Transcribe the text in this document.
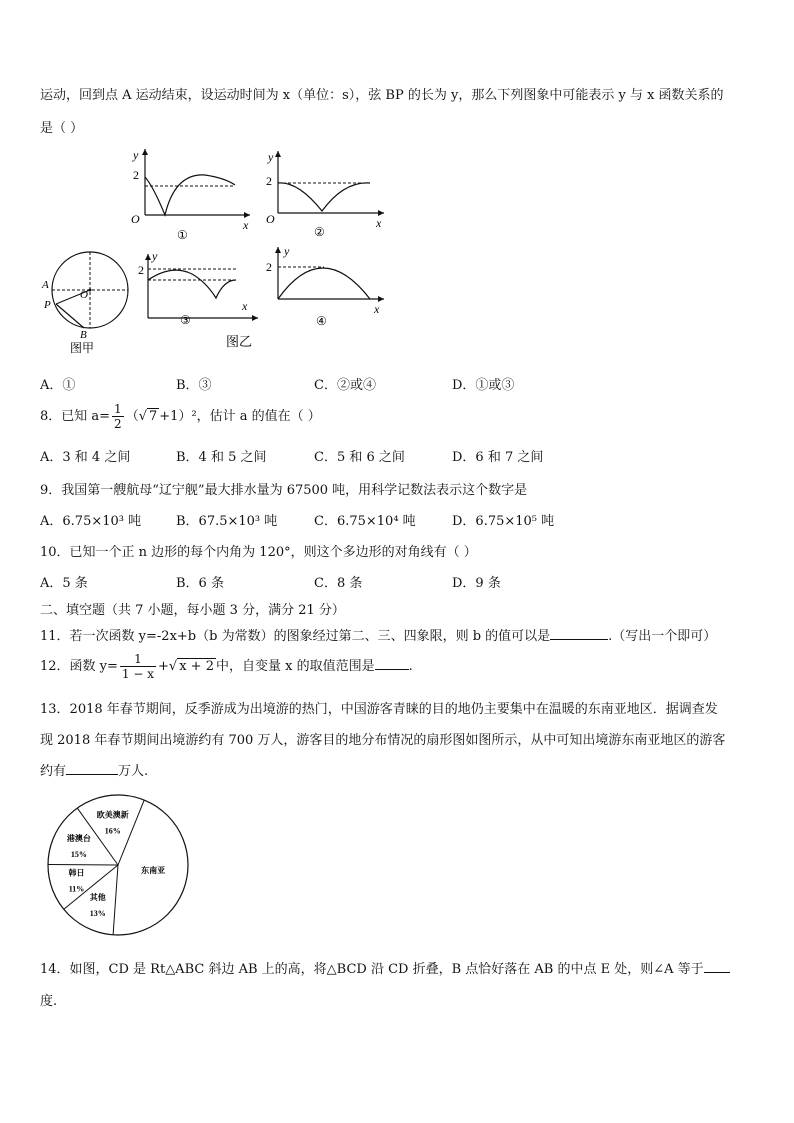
运动，回到点 A 运动结束，设运动时间为 x（单位：s），弦 BP 的长为 y，那么下列图象中可能表示 y 与 x 函数关系的
是（ ）
y
2
O	x
①
y
2
O	x
②
A
P
O
B
图甲
y
2
x
③
图乙
y
2
x
④
A．①	B．③	C．②或④	D．①或③
8．已知 $a= \frac{1}{2}$ （√ 7 +1）²，估计 a 的值在（ ）
A．3 和 4 之间	B．4 和 5 之间	C．5 和 6 之间	D．6 和 7 之间
9．我国第一艘航母“辽宁舰”最大排水量为 67500 吨，用科学记数法表示这个数字是
A．6.75×10³ 吨	B．67.5×10³ 吨	C．6.75×10⁴ 吨	D．6.75×10⁵ 吨
10．已知一个正 n 边形的每个内角为 120°，则这个多边形的对角线有（ ）
A．5 条	B．6 条	C．8 条	D．9 条
二、填空题（共 7 小题，每小题 3 分，满分 21 分）
11．若一次函数 y=-2x+b（b 为常数）的图象经过第二、三、四象限，则 b 的值可以是	.（写出一个即可）
12．函数 $y= \frac{1}{1 - x}$ +√ x + 2 中，自变量 x 的取值范围是	.
13．2018 年春节期间，反季游成为出境游的热门，中国游客青睐的目的地仍主要集中在温暖的东南亚地区．据调查发
现 2018 年春节期间出境游约有 700 万人，游客目的地分布情况的扇形图如图所示，从中可知出境游东南亚地区的游客
约有	万人.
东南亚
其他
13%
韩日
11%
港澳台
15%
欧美澳新
16%
14．如图，CD 是 Rt△ABC 斜边 AB 上的高，将△BCD 沿 CD 折叠，B 点恰好落在 AB 的中点 E 处，则∠A 等于
度.
